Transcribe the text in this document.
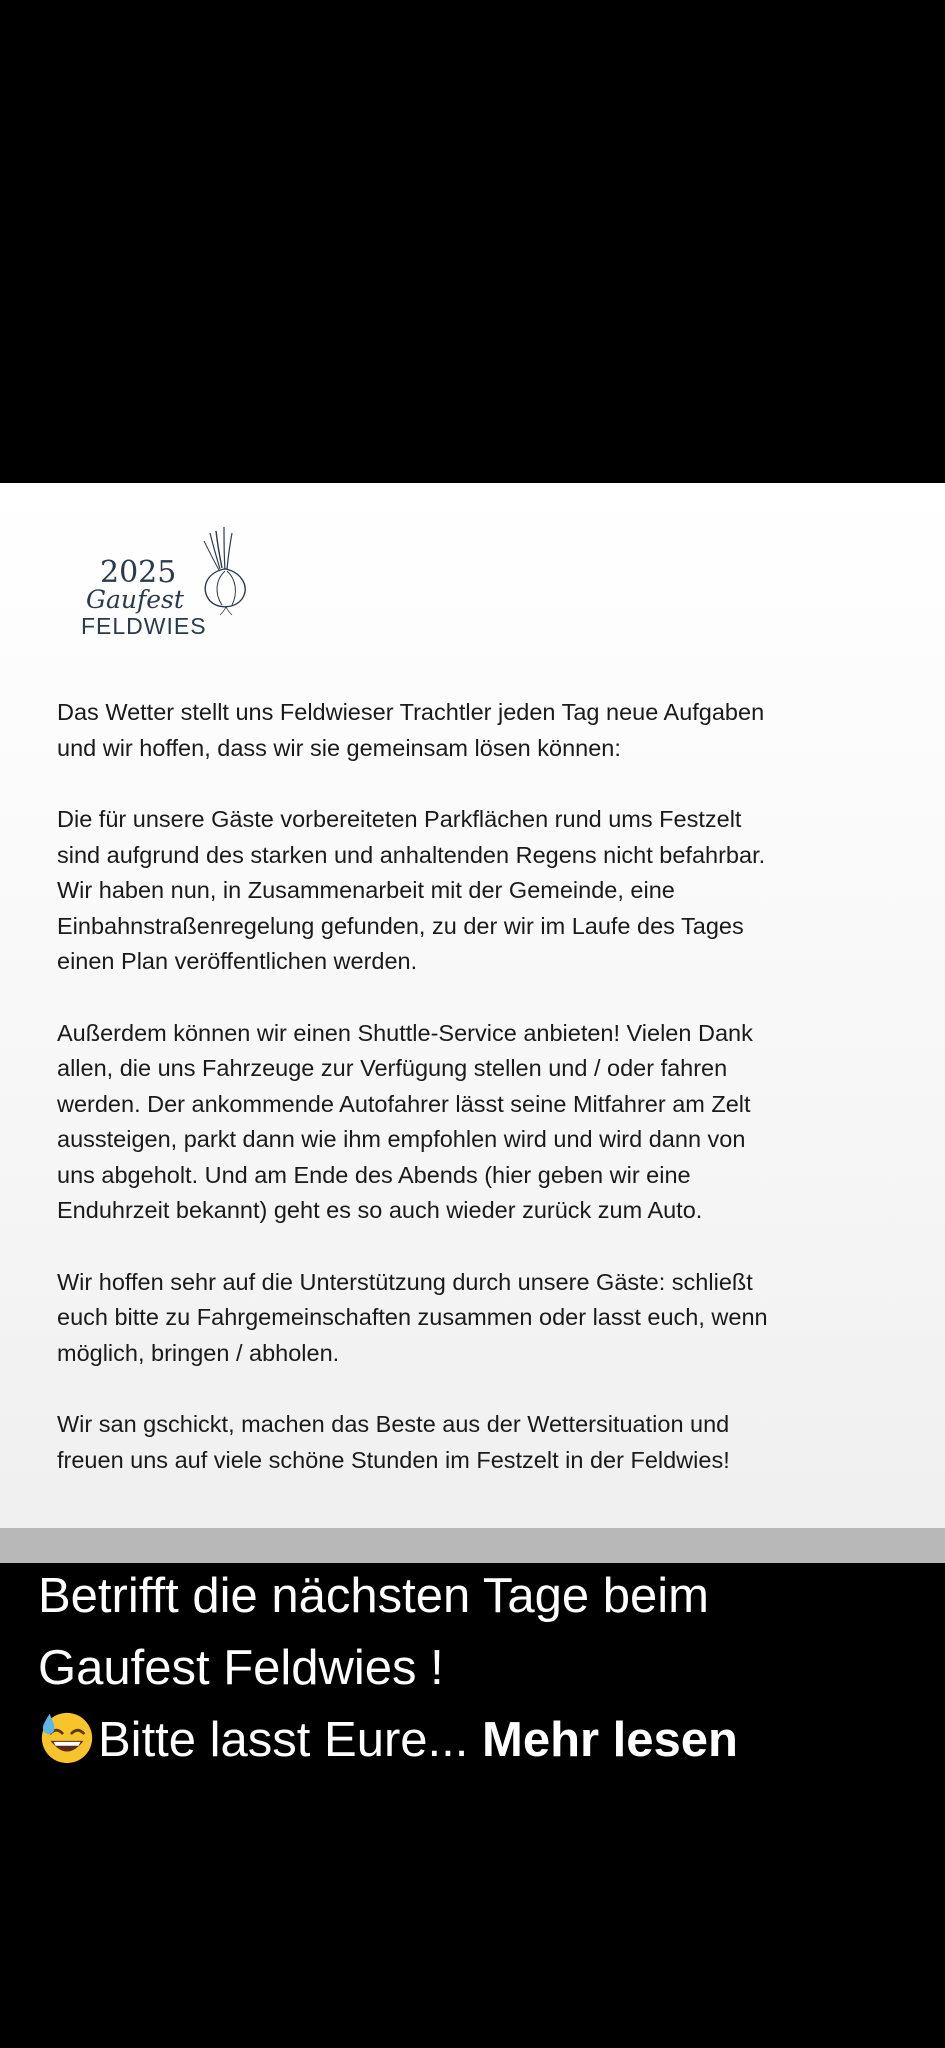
2025
Gaufest
FELDWIES

Das Wetter stellt uns Feldwieser Trachtler jeden Tag neue Aufgaben
und wir hoffen, dass wir sie gemeinsam lösen können:

Die für unsere Gäste vorbereiteten Parkflächen rund ums Festzelt
sind aufgrund des starken und anhaltenden Regens nicht befahrbar.
Wir haben nun, in Zusammenarbeit mit der Gemeinde, eine
Einbahnstraßenregelung gefunden, zu der wir im Laufe des Tages
einen Plan veröffentlichen werden.

Außerdem können wir einen Shuttle-Service anbieten! Vielen Dank
allen, die uns Fahrzeuge zur Verfügung stellen und / oder fahren
werden. Der ankommende Autofahrer lässt seine Mitfahrer am Zelt
aussteigen, parkt dann wie ihm empfohlen wird und wird dann von
uns abgeholt. Und am Ende des Abends (hier geben wir eine
Enduhrzeit bekannt) geht es so auch wieder zurück zum Auto.

Wir hoffen sehr auf die Unterstützung durch unsere Gäste: schließt
euch bitte zu Fahrgemeinschaften zusammen oder lasst euch, wenn
möglich, bringen / abholen.

Wir san gschickt, machen das Beste aus der Wettersituation und
freuen uns auf viele schöne Stunden im Festzelt in der Feldwies!

Betrifft die nächsten Tage beim
Gaufest Feldwies !
Bitte lasst Eure... Mehr lesen
